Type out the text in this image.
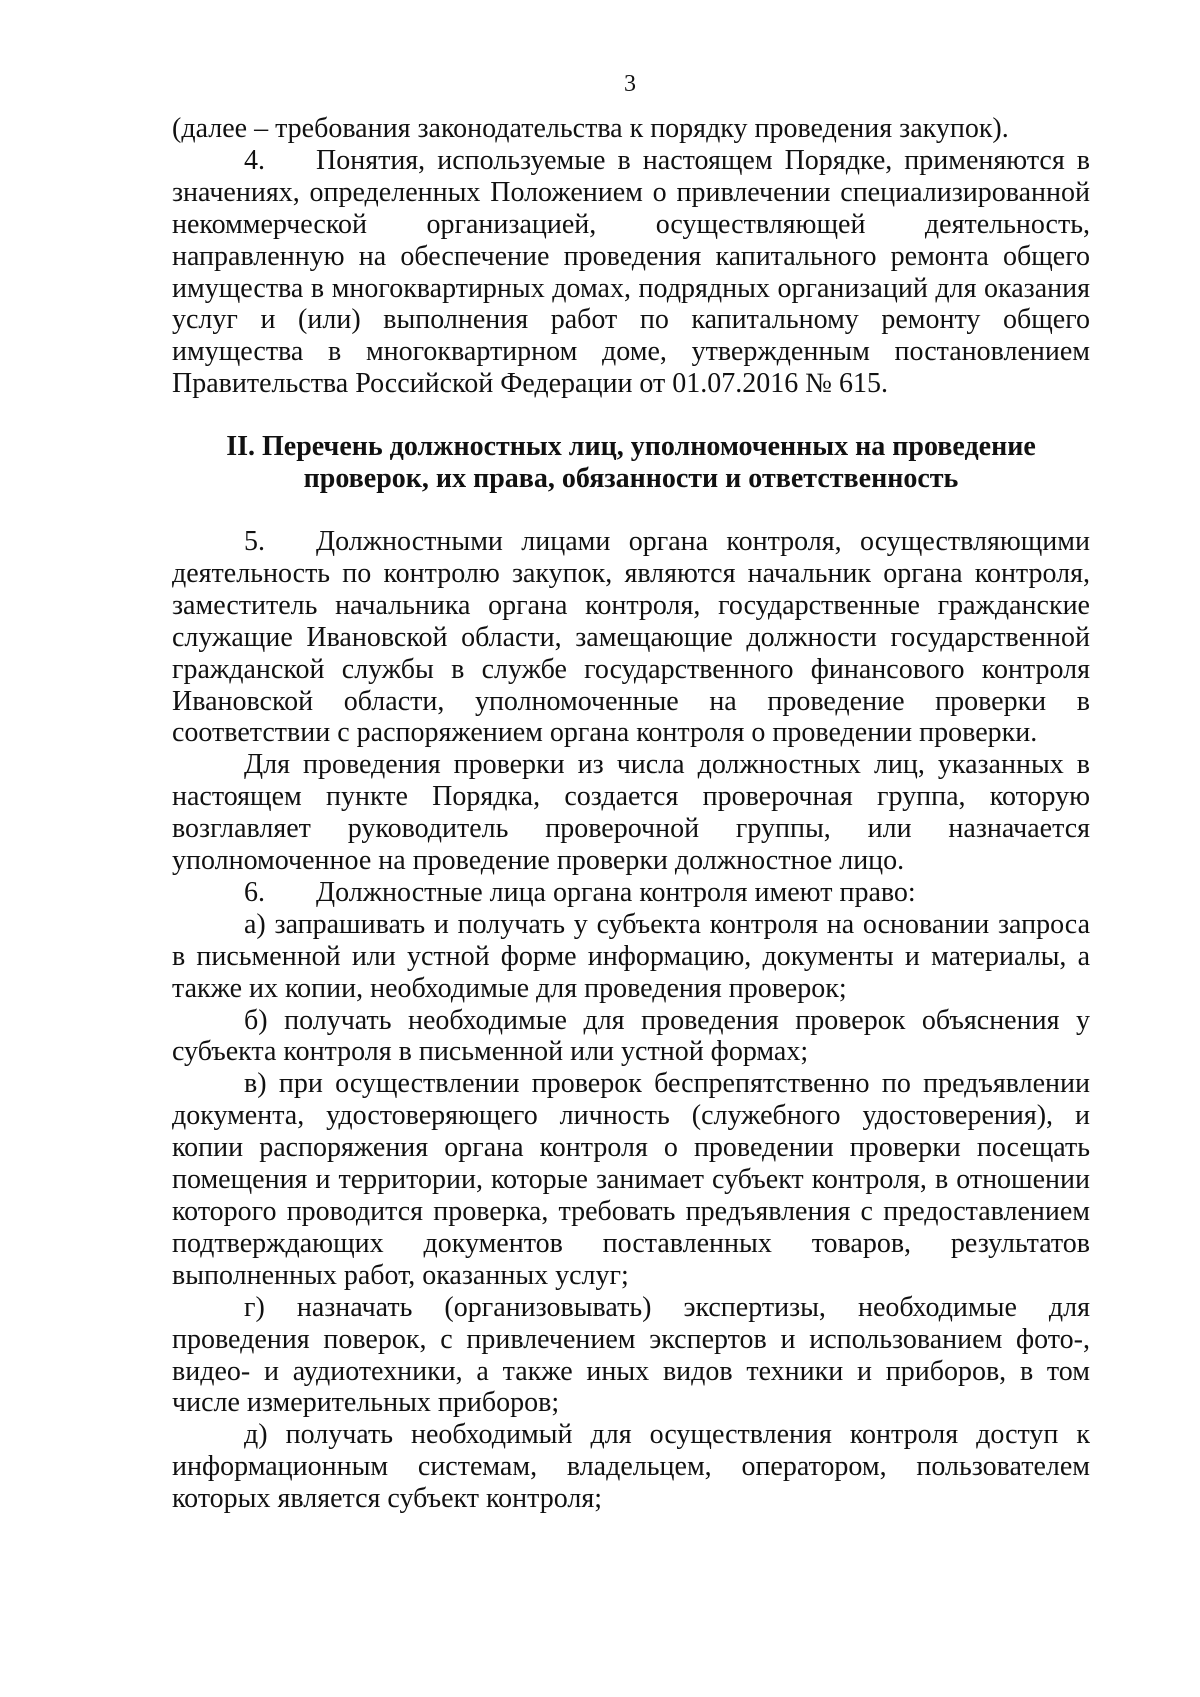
3

(далее – требования законодательства к порядку проведения закупок).

4. Понятия, используемые в настоящем Порядке, применяются в значениях, определенных Положением о привлечении специализированной некоммерческой организацией, осуществляющей деятельность, направленную на обеспечение проведения капитального ремонта общего имущества в многоквартирных домах, подрядных организаций для оказания услуг и (или) выполнения работ по капитальному ремонту общего имущества в многоквартирном доме, утвержденным постановлением Правительства Российской Федерации от 01.07.2016 № 615.

II. Перечень должностных лиц, уполномоченных на проведение
проверок, их права, обязанности и ответственность

5. Должностными лицами органа контроля, осуществляющими деятельность по контролю закупок, являются начальник органа контроля, заместитель начальника органа контроля, государственные гражданские служащие Ивановской области, замещающие должности государственной гражданской службы в службе государственного финансового контроля Ивановской области, уполномоченные на проведение проверки в соответствии с распоряжением органа контроля о проведении проверки.

Для проведения проверки из числа должностных лиц, указанных в настоящем пункте Порядка, создается проверочная группа, которую возглавляет руководитель проверочной группы, или назначается уполномоченное на проведение проверки должностное лицо.

6. Должностные лица органа контроля имеют право:

а) запрашивать и получать у субъекта контроля на основании запроса в письменной или устной форме информацию, документы и материалы, а также их копии, необходимые для проведения проверок;

б) получать необходимые для проведения проверок объяснения у субъекта контроля в письменной или устной формах;

в) при осуществлении проверок беспрепятственно по предъявлении документа, удостоверяющего личность (служебного удостоверения), и копии распоряжения органа контроля о проведении проверки посещать помещения и территории, которые занимает субъект контроля, в отношении которого проводится проверка, требовать предъявления с предоставлением подтверждающих документов поставленных товаров, результатов выполненных работ, оказанных услуг;

г) назначать (организовывать) экспертизы, необходимые для проведения поверок, с привлечением экспертов и использованием фото-, видео- и аудиотехники, а также иных видов техники и приборов, в том числе измерительных приборов;

д) получать необходимый для осуществления контроля доступ к информационным системам, владельцем, оператором, пользователем которых является субъект контроля;
